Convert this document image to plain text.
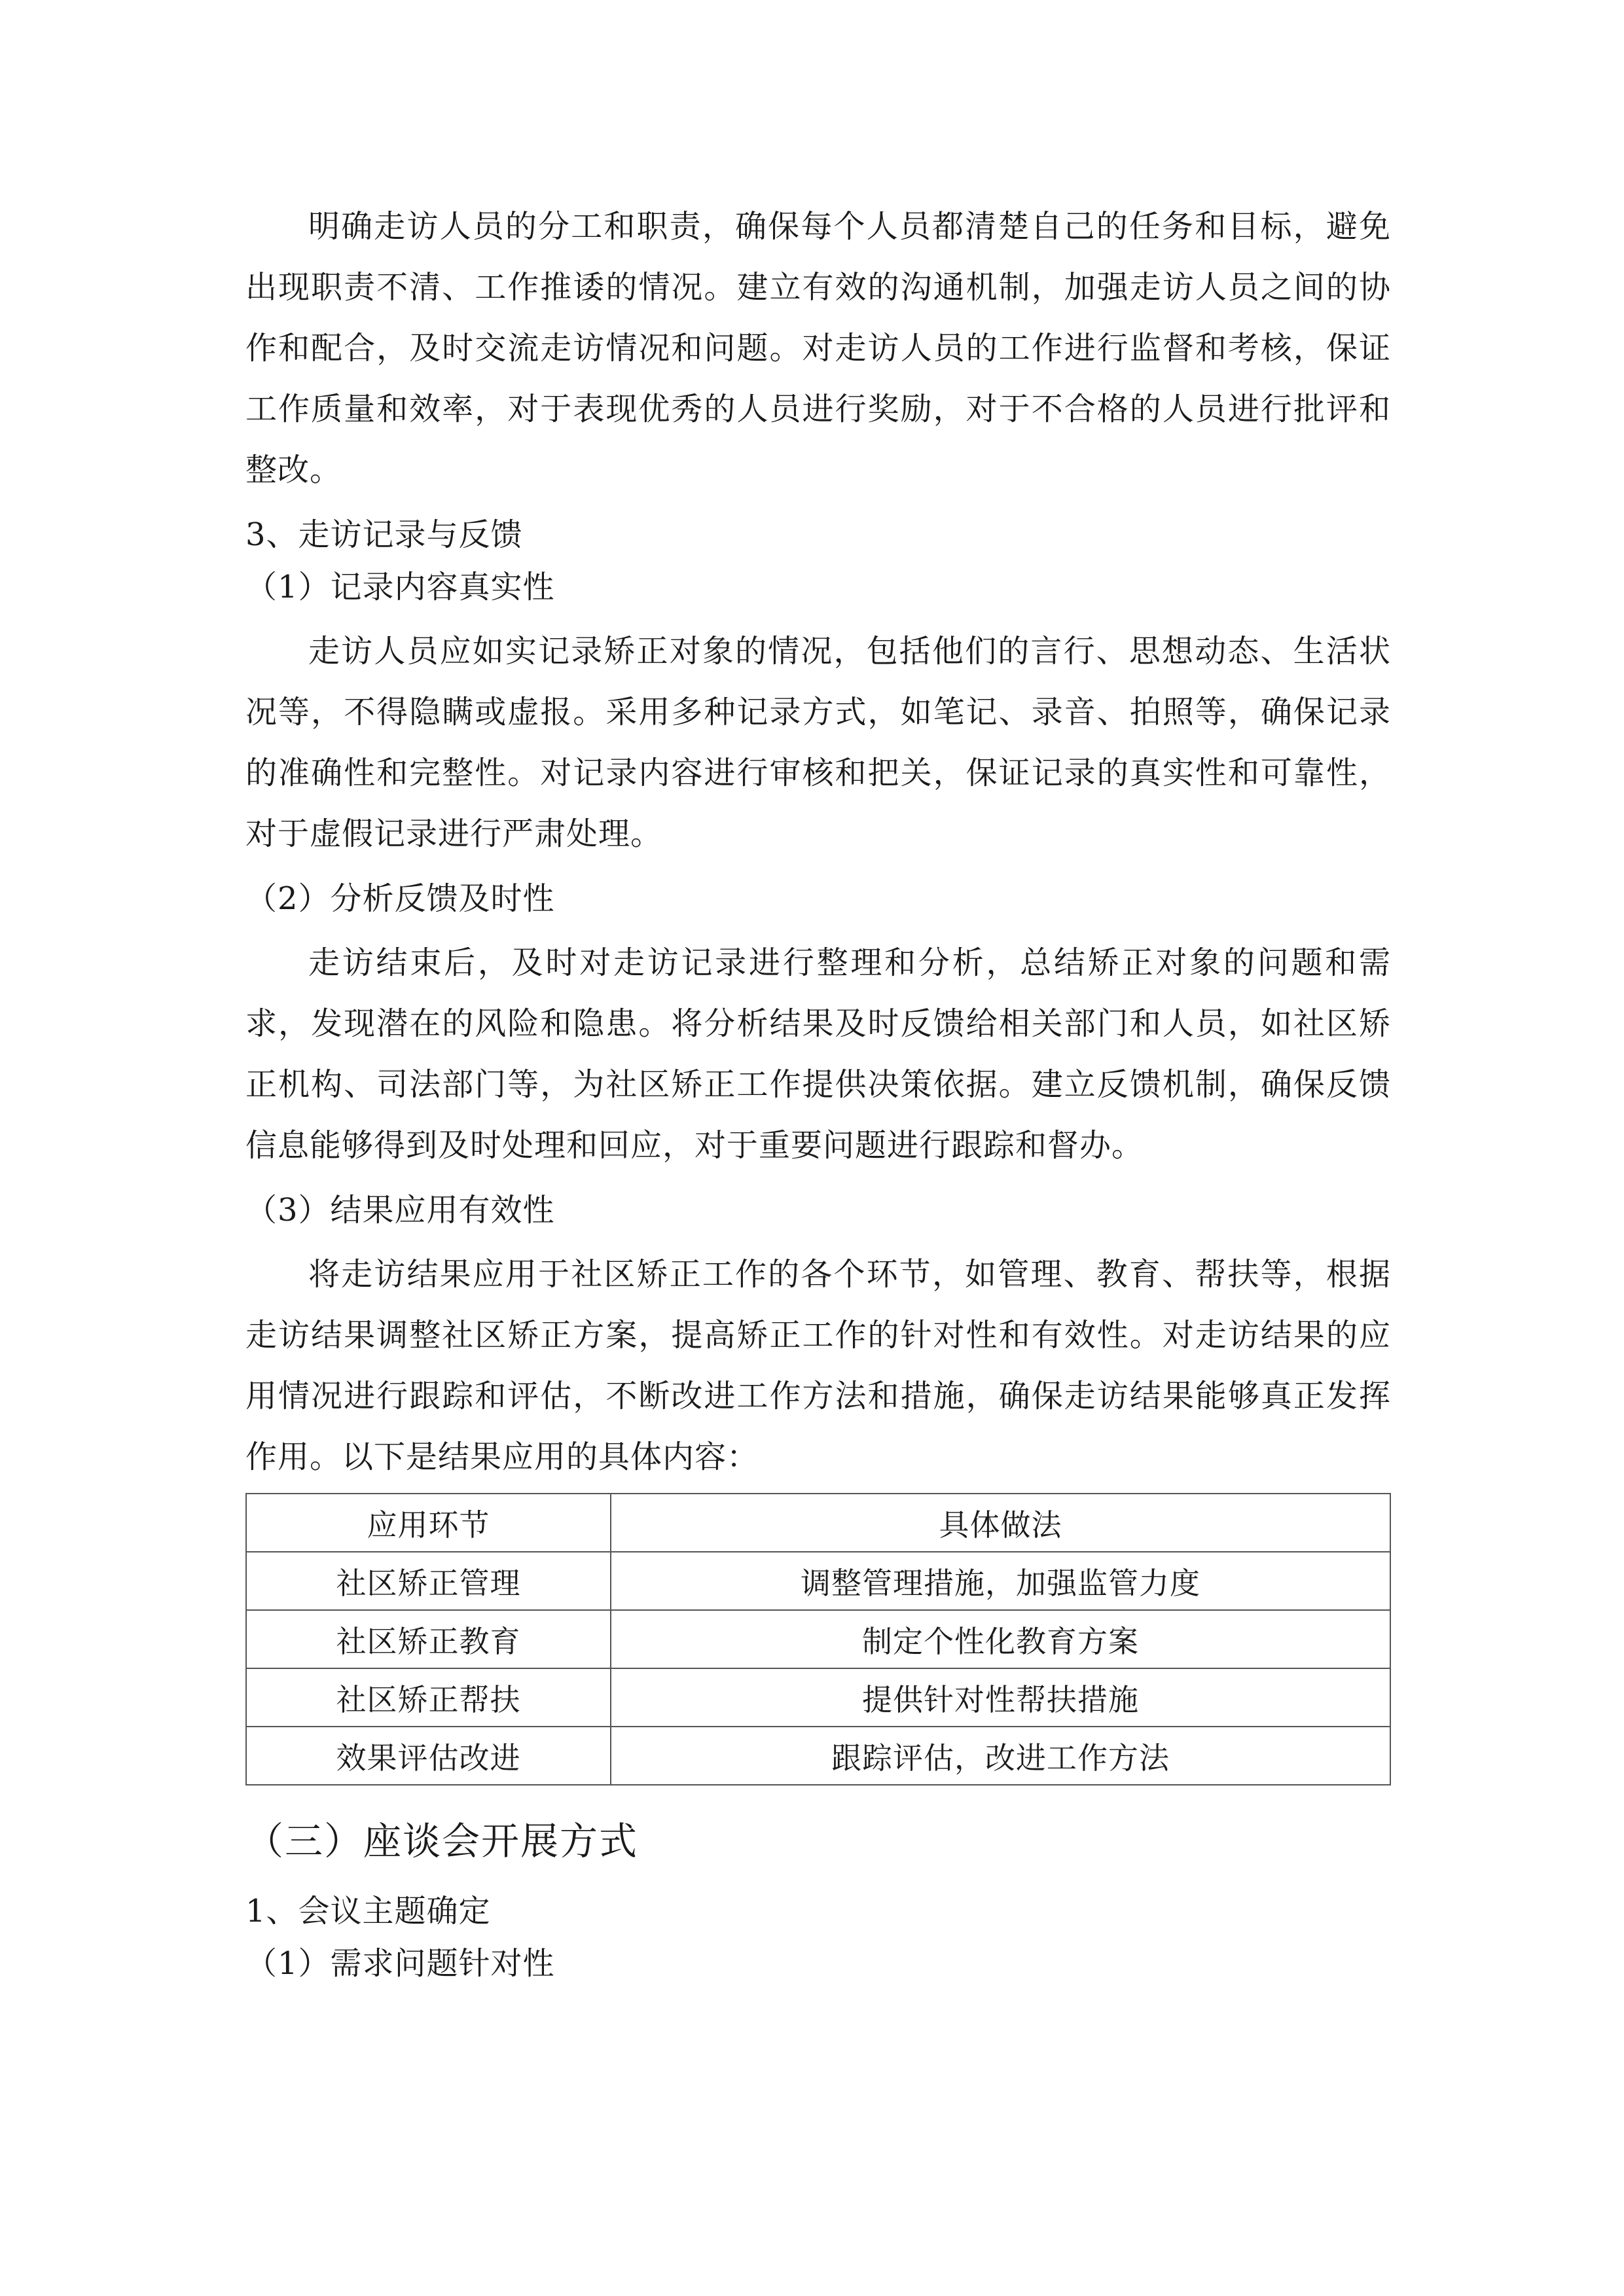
明确走访人员的分工和职责，确保每个人员都清楚自己的任务和目标，避免出现职责不清、工作推诿的情况。建立有效的沟通机制，加强走访人员之间的协作和配合，及时交流走访情况和问题。对走访人员的工作进行监督和考核，保证工作质量和效率，对于表现优秀的人员进行奖励，对于不合格的人员进行批评和整改。

3、走访记录与反馈

（1）记录内容真实性

走访人员应如实记录矫正对象的情况，包括他们的言行、思想动态、生活状况等，不得隐瞒或虚报。采用多种记录方式，如笔记、录音、拍照等，确保记录的准确性和完整性。对记录内容进行审核和把关，保证记录的真实性和可靠性，对于虚假记录进行严肃处理。

（2）分析反馈及时性

走访结束后，及时对走访记录进行整理和分析，总结矫正对象的问题和需求，发现潜在的风险和隐患。将分析结果及时反馈给相关部门和人员，如社区矫正机构、司法部门等，为社区矫正工作提供决策依据。建立反馈机制，确保反馈信息能够得到及时处理和回应，对于重要问题进行跟踪和督办。

（3）结果应用有效性

将走访结果应用于社区矫正工作的各个环节，如管理、教育、帮扶等，根据走访结果调整社区矫正方案，提高矫正工作的针对性和有效性。对走访结果的应用情况进行跟踪和评估，不断改进工作方法和措施，确保走访结果能够真正发挥作用。以下是结果应用的具体内容：

应用环节	具体做法
社区矫正管理	调整管理措施，加强监管力度
社区矫正教育	制定个性化教育方案
社区矫正帮扶	提供针对性帮扶措施
效果评估改进	跟踪评估，改进工作方法

（三）座谈会开展方式

1、会议主题确定

（1）需求问题针对性
